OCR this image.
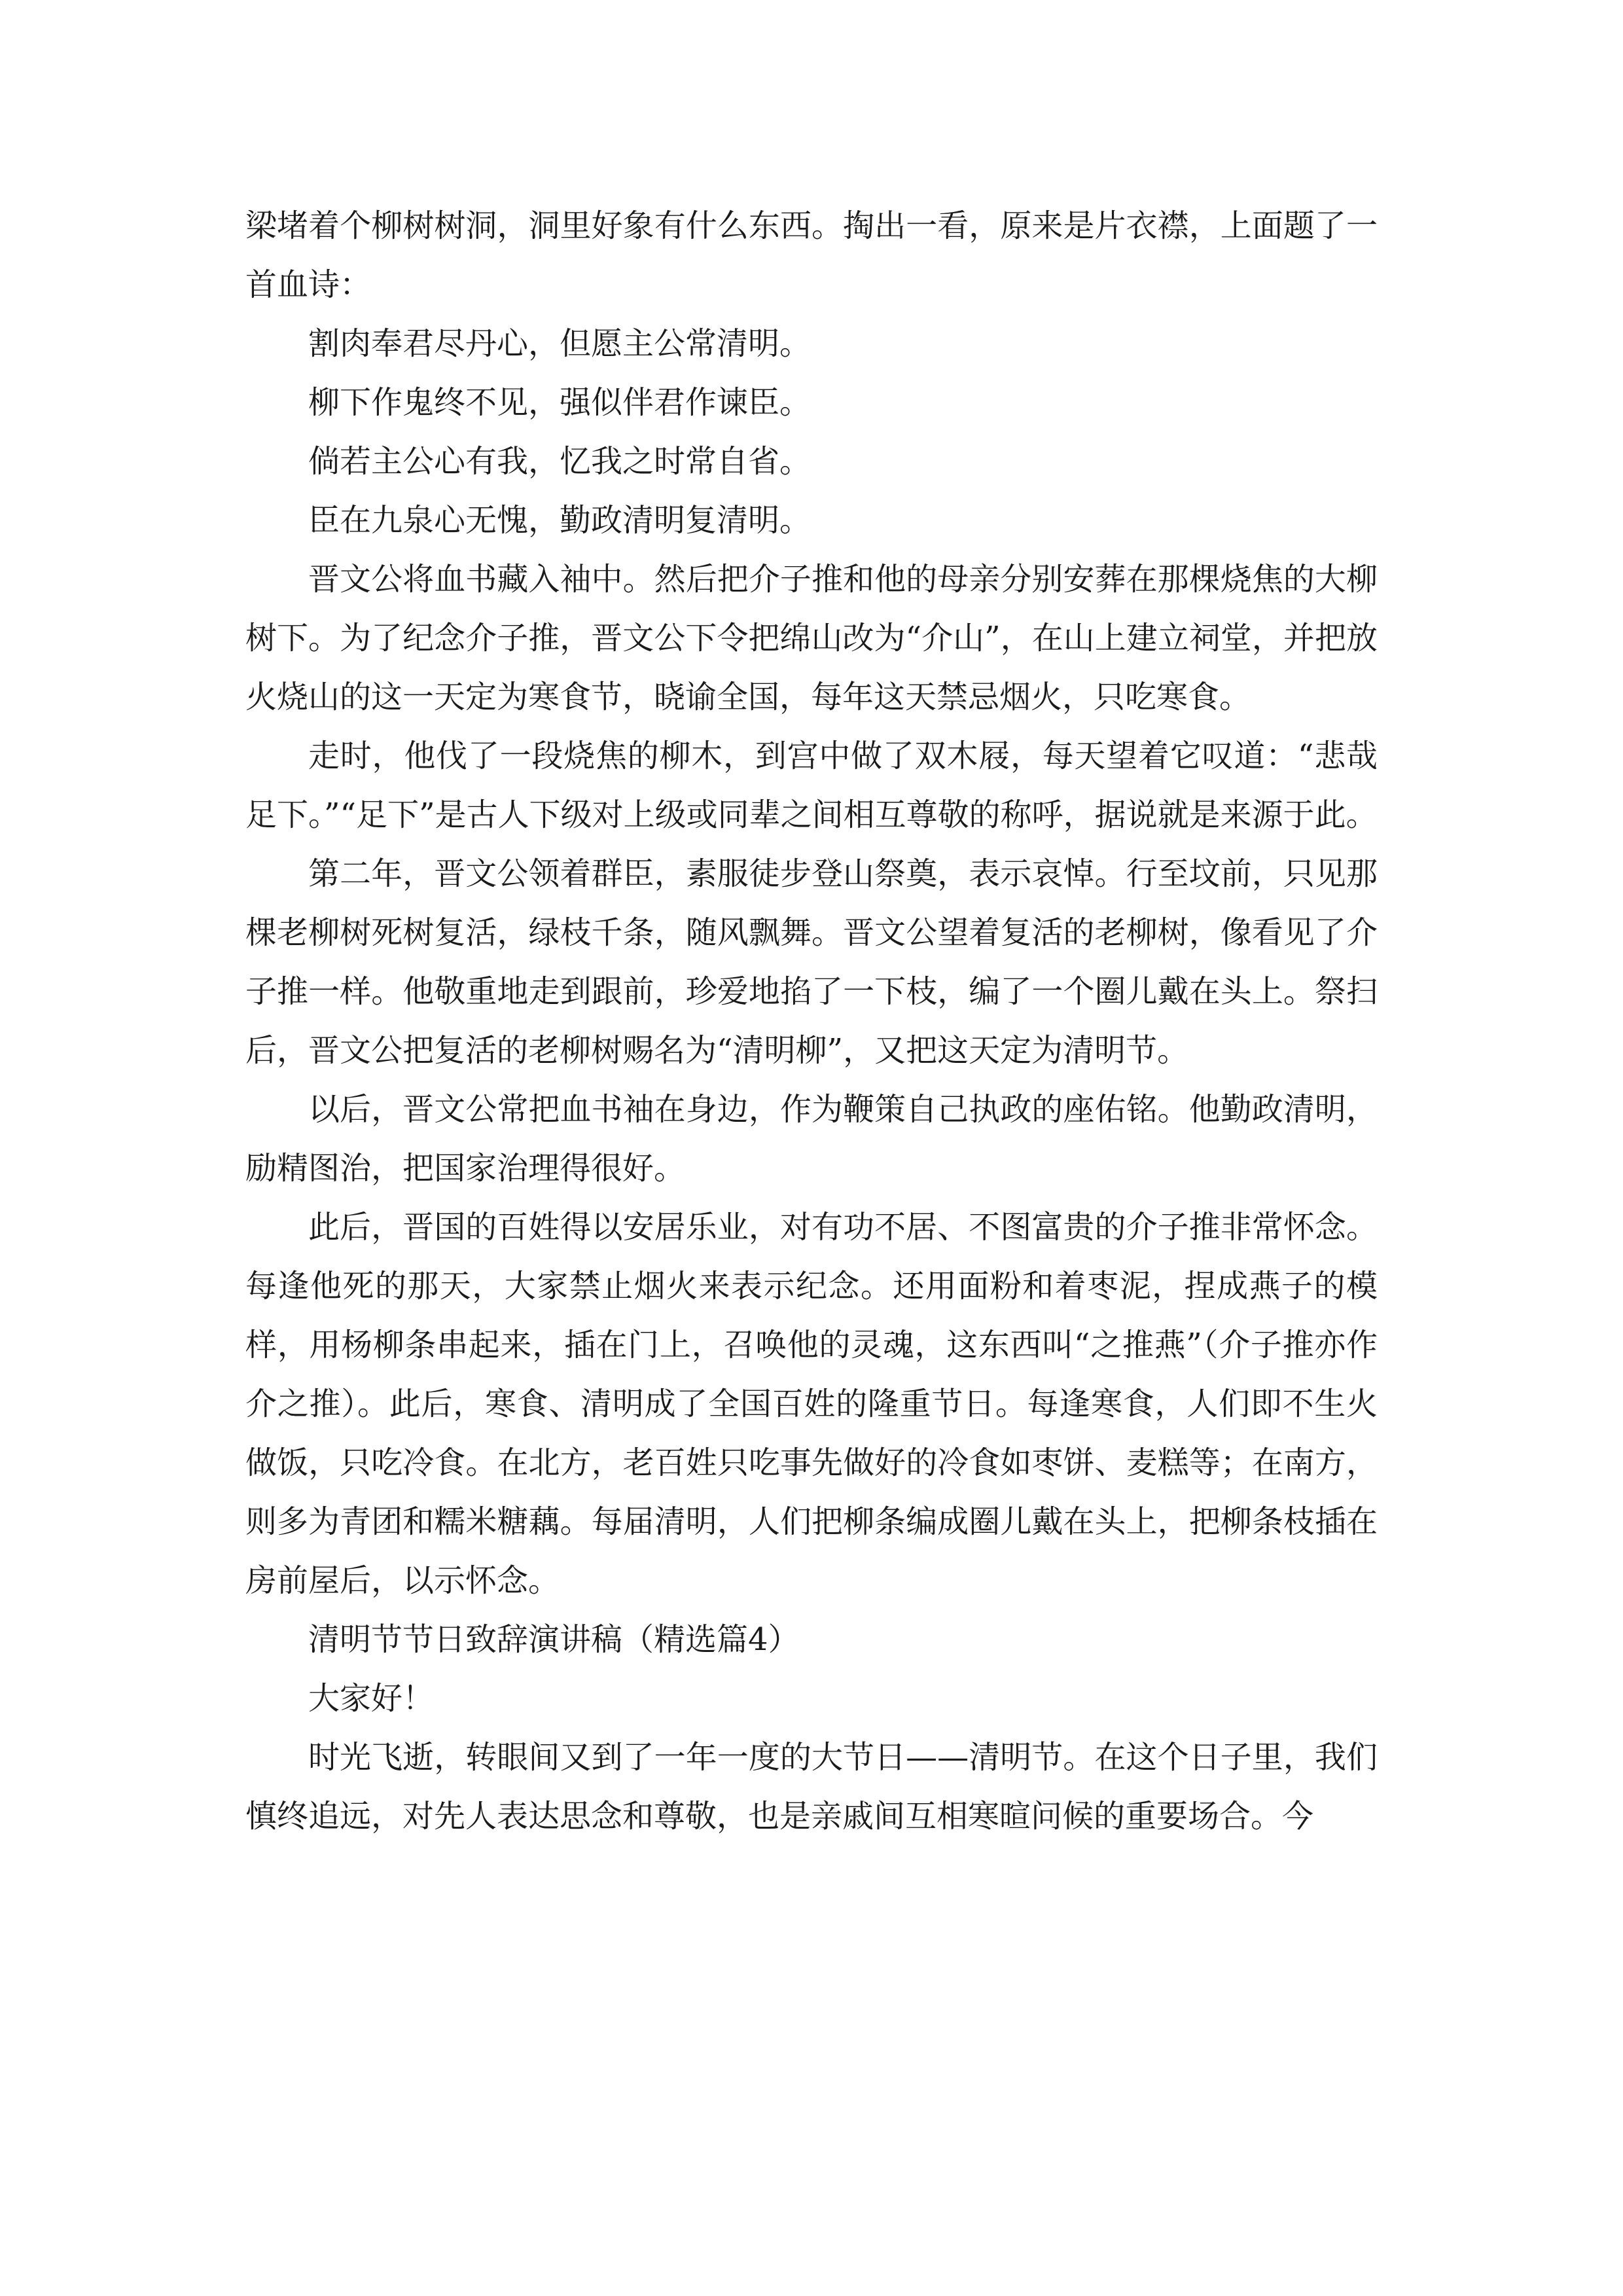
梁堵着个柳树树洞，洞里好象有什么东西。掏出一看，原来是片衣襟，上面题了一首血诗：

割肉奉君尽丹心，但愿主公常清明。

柳下作鬼终不见，强似伴君作谏臣。

倘若主公心有我，忆我之时常自省。

臣在九泉心无愧，勤政清明复清明。

晋文公将血书藏入袖中。然后把介子推和他的母亲分别安葬在那棵烧焦的大柳树下。为了纪念介子推，晋文公下令把绵山改为“介山”，在山上建立祠堂，并把放火烧山的这一天定为寒食节，晓谕全国，每年这天禁忌烟火，只吃寒食。

走时，他伐了一段烧焦的柳木，到宫中做了双木屐，每天望着它叹道：“悲哉足下。”“足下”是古人下级对上级或同辈之间相互尊敬的称呼，据说就是来源于此。

第二年，晋文公领着群臣，素服徒步登山祭奠，表示哀悼。行至坟前，只见那棵老柳树死树复活，绿枝千条，随风飘舞。晋文公望着复活的老柳树，像看见了介子推一样。他敬重地走到跟前，珍爱地掐了一下枝，编了一个圈儿戴在头上。祭扫后，晋文公把复活的老柳树赐名为“清明柳”，又把这天定为清明节。

以后，晋文公常把血书袖在身边，作为鞭策自己执政的座佑铭。他勤政清明，励精图治，把国家治理得很好。

此后，晋国的百姓得以安居乐业，对有功不居、不图富贵的介子推非常怀念。每逢他死的那天，大家禁止烟火来表示纪念。还用面粉和着枣泥，捏成燕子的模样，用杨柳条串起来，插在门上，召唤他的灵魂，这东西叫“之推燕”（介子推亦作介之推）。此后，寒食、清明成了全国百姓的隆重节日。每逢寒食，人们即不生火做饭，只吃冷食。在北方，老百姓只吃事先做好的冷食如枣饼、麦糕等；在南方，则多为青团和糯米糖藕。每届清明，人们把柳条编成圈儿戴在头上，把柳条枝插在房前屋后，以示怀念。

清明节节日致辞演讲稿（精选篇4）

大家好！

时光飞逝，转眼间又到了一年一度的大节日——清明节。在这个日子里，我们慎终追远，对先人表达思念和尊敬，也是亲戚间互相寒暄问候的重要场合。今
